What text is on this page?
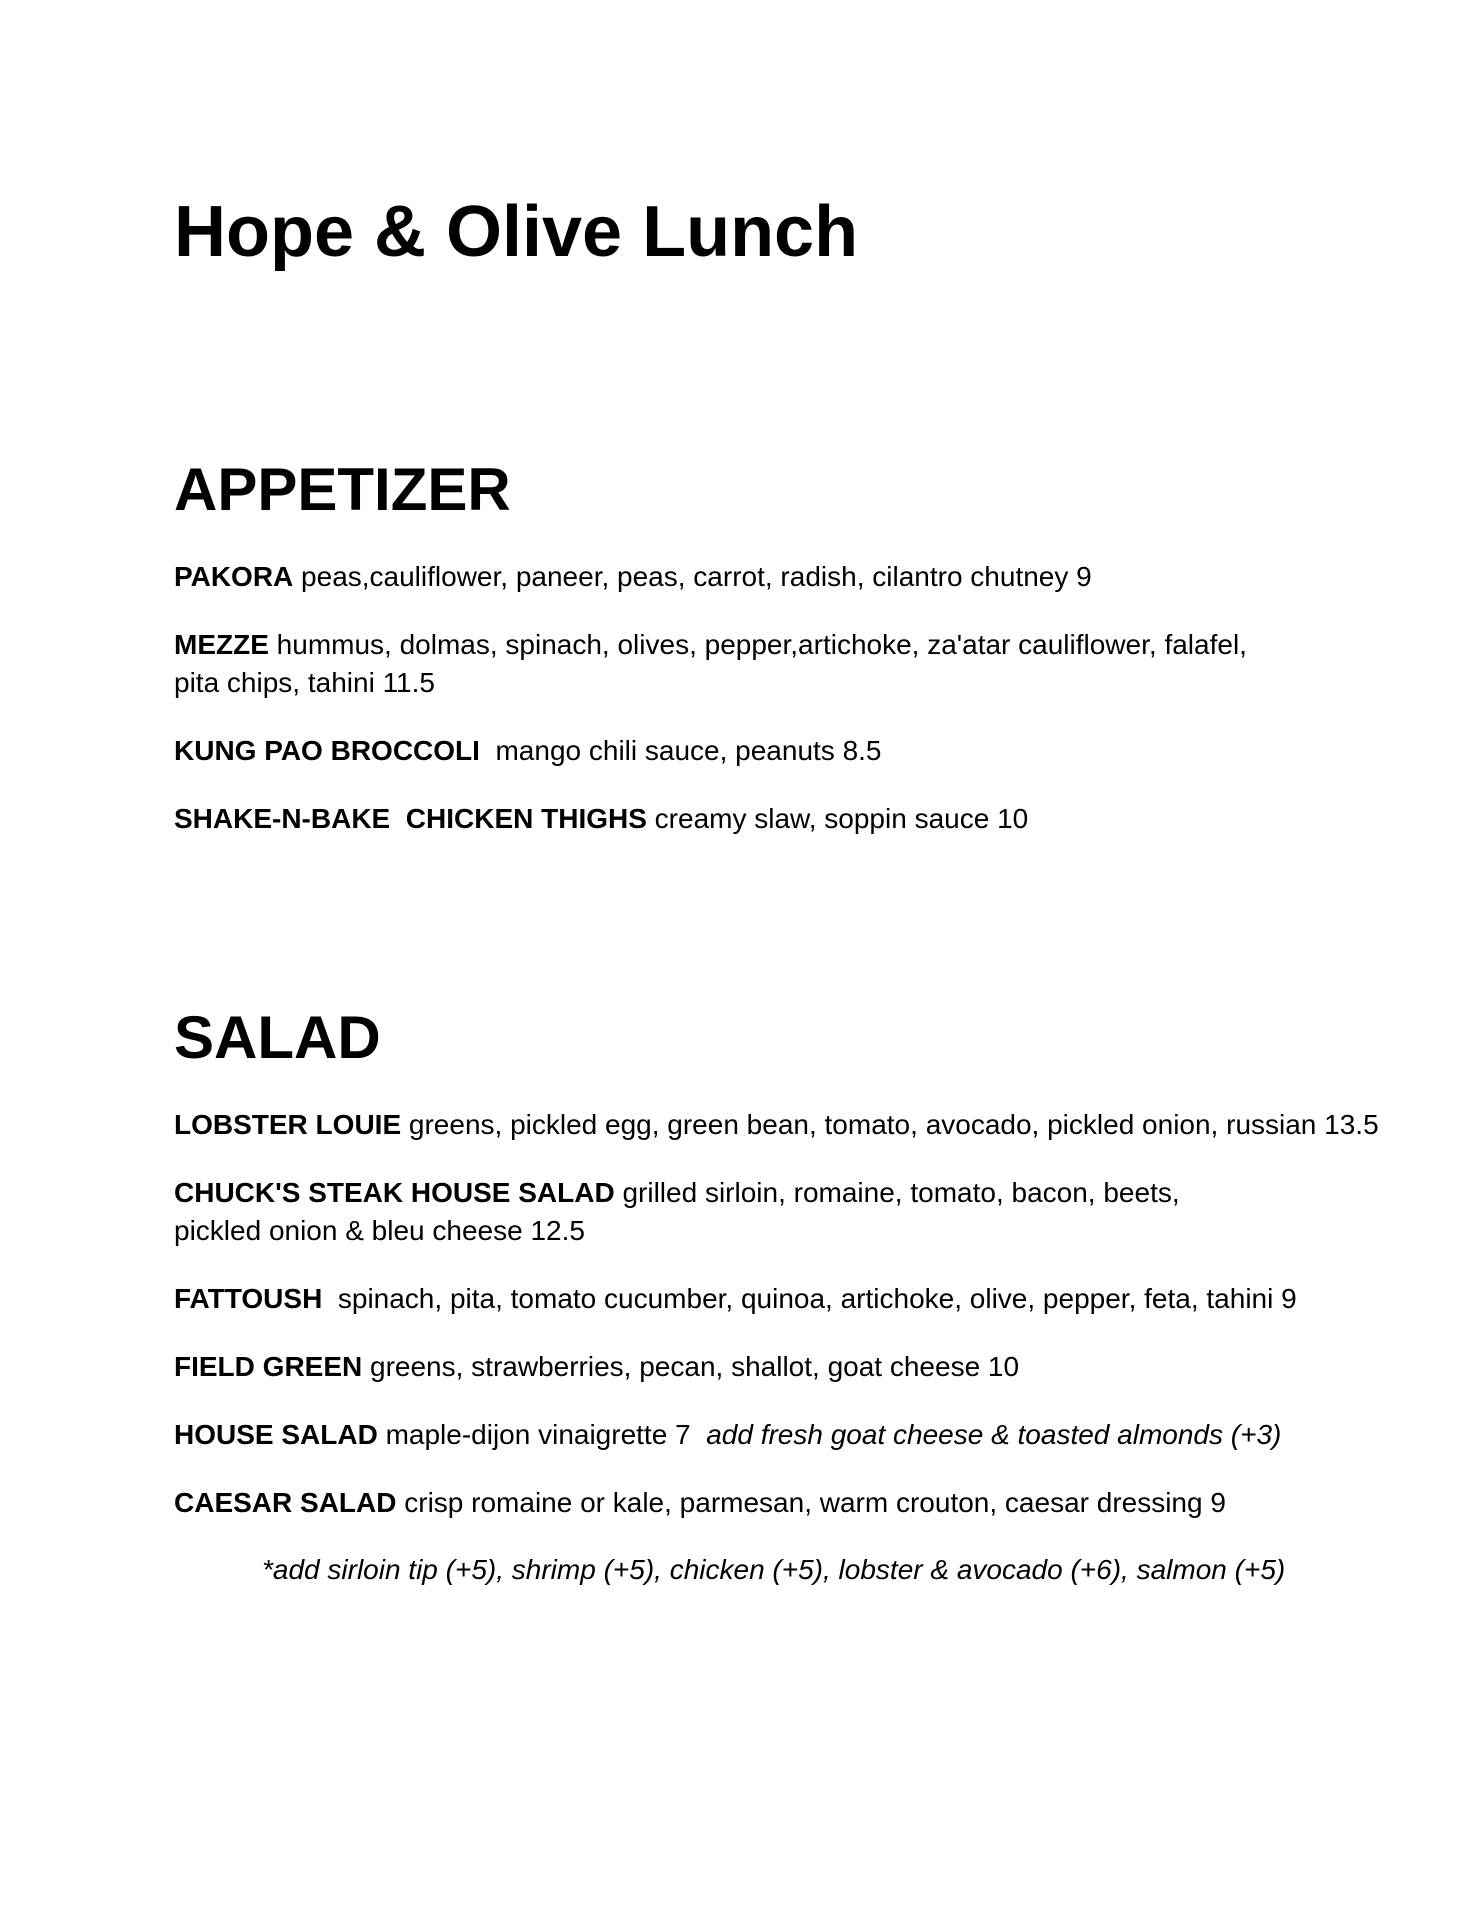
Hope & Olive Lunch
APPETIZER

PAKORA peas,cauliflower, paneer, peas, carrot, radish, cilantro chutney 9

MEZZE hummus, dolmas, spinach, olives, pepper,artichoke, za'atar cauliflower, falafel,
pita chips, tahini 11.5

KUNG PAO BROCCOLI  mango chili sauce, peanuts 8.5

SHAKE-N-BAKE  CHICKEN THIGHS creamy slaw, soppin sauce 10

SALAD

LOBSTER LOUIE greens, pickled egg, green bean, tomato, avocado, pickled onion, russian 13.5

CHUCK'S STEAK HOUSE SALAD grilled sirloin, romaine, tomato, bacon, beets,
pickled onion & bleu cheese 12.5

FATTOUSH  spinach, pita, tomato cucumber, quinoa, artichoke, olive, pepper, feta, tahini 9

FIELD GREEN greens, strawberries, pecan, shallot, goat cheese 10

HOUSE SALAD maple-dijon vinaigrette 7  add fresh goat cheese & toasted almonds (+3)

CAESAR SALAD crisp romaine or kale, parmesan, warm crouton, caesar dressing 9

*add sirloin tip (+5), shrimp (+5), chicken (+5), lobster & avocado (+6), salmon (+5)
